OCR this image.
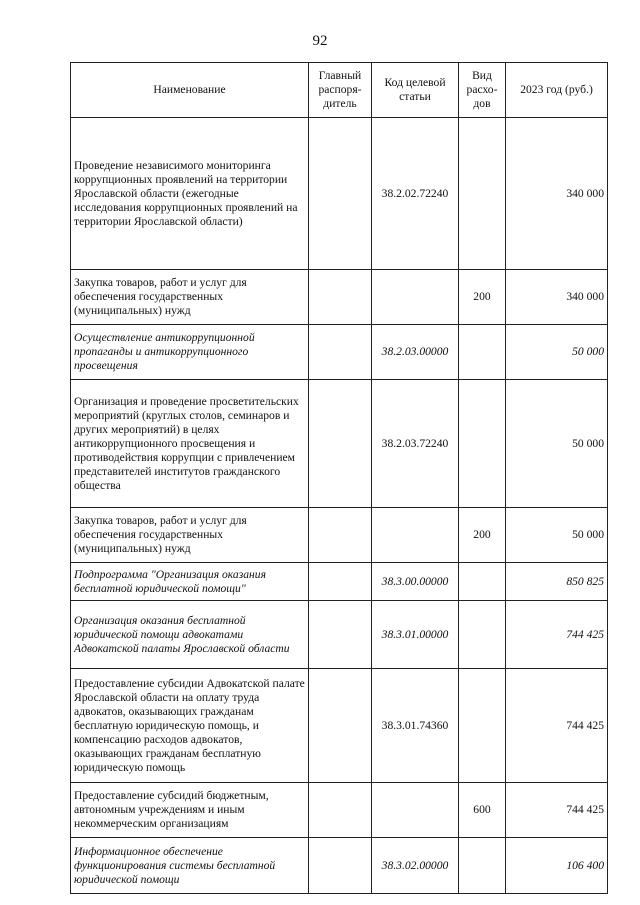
92
Наименование	Главный распоря-дитель	Код целевой статьи	Вид расхо-дов	2023 год (руб.)
Проведение независимого мониторинга коррупционных проявлений на территории Ярославской области (ежегодные исследования коррупционных проявлений на территории Ярославской области)		38.2.02.72240		340 000
Закупка товаров, работ и услуг для обеспечения государственных (муниципальных) нужд			200	340 000
Осуществление антикоррупционной пропаганды и антикоррупционного просвещения		38.2.03.00000		50 000
Организация и проведение просветительских мероприятий (круглых столов, семинаров и других мероприятий) в целях антикоррупционного просвещения и противодействия коррупции с привлечением представителей институтов гражданского общества		38.2.03.72240		50 000
Закупка товаров, работ и услуг для обеспечения государственных (муниципальных) нужд			200	50 000
Подпрограмма "Организация оказания бесплатной юридической помощи"		38.3.00.00000		850 825
Организация оказания бесплатной юридической помощи адвокатами Адвокатской палаты Ярославской области		38.3.01.00000		744 425
Предоставление субсидии Адвокатской палате Ярославской области на оплату труда адвокатов, оказывающих гражданам бесплатную юридическую помощь, и компенсацию расходов адвокатов, оказывающих гражданам бесплатную юридическую помощь		38.3.01.74360		744 425
Предоставление субсидий бюджетным, автономным учреждениям и иным некоммерческим организациям			600	744 425
Информационное обеспечение функционирования системы бесплатной юридической помощи		38.3.02.00000		106 400
